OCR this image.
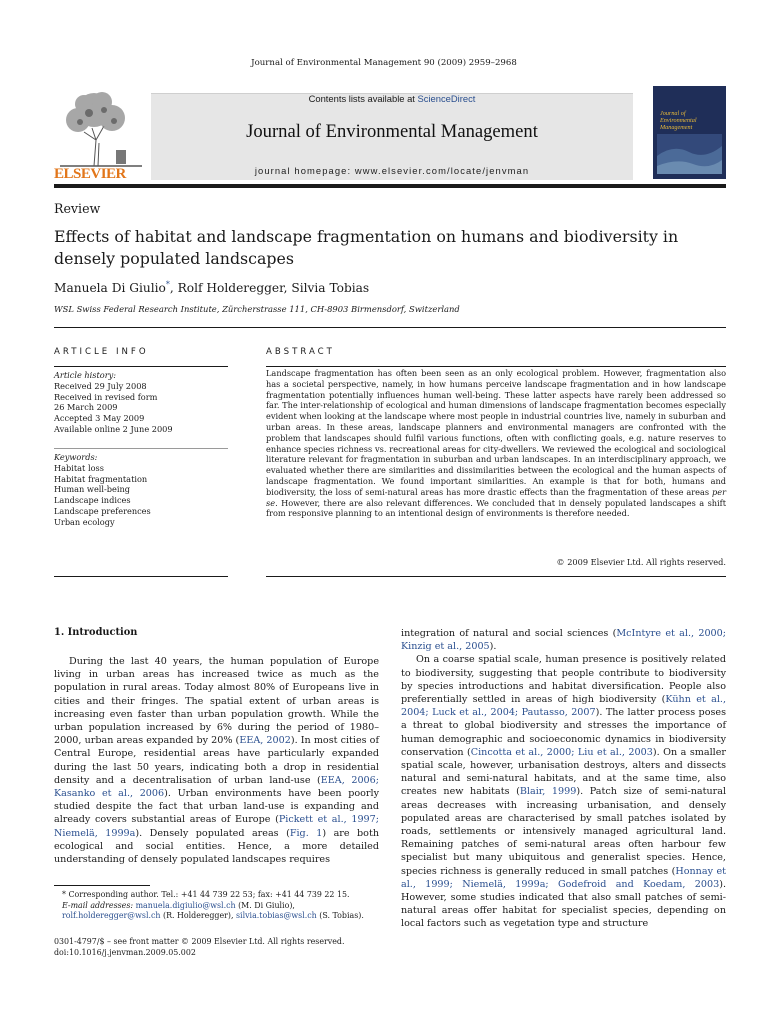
Journal of Environmental Management 90 (2009) 2959–2968
ELSEVIER
Contents lists available at ScienceDirect
Journal of Environmental Management
journal homepage: www.elsevier.com/locate/jenvman
Journal of Environmental Management
Review
Effects of habitat and landscape fragmentation on humans and biodiversity in densely populated landscapes
Manuela Di Giulio*, Rolf Holderegger, Silvia Tobias
WSL Swiss Federal Research Institute, Zürcherstrasse 111, CH-8903 Birmensdorf, Switzerland
ARTICLE INFO
Article history:
Received 29 July 2008
Received in revised form
26 March 2009
Accepted 3 May 2009
Available online 2 June 2009
Keywords:
Habitat loss
Habitat fragmentation
Human well-being
Landscape indices
Landscape preferences
Urban ecology
ABSTRACT
Landscape fragmentation has often been seen as an only ecological problem. However, fragmentation also has a societal perspective, namely, in how humans perceive landscape fragmentation and in how landscape fragmentation potentially influences human well-being. These latter aspects have rarely been addressed so far. The inter-relationship of ecological and human dimensions of landscape fragmentation becomes especially evident when looking at the landscape where most people in industrial countries live, namely in suburban and urban areas. In these areas, landscape planners and environmental managers are confronted with the problem that landscapes should fulfil various functions, often with conflicting goals, e.g. nature reserves to enhance species richness vs. recreational areas for city-dwellers. We reviewed the ecological and sociological literature relevant for fragmentation in suburban and urban landscapes. In an interdisciplinary approach, we evaluated whether there are similarities and dissimilarities between the ecological and the human aspects of landscape fragmentation. We found important similarities. An example is that for both, humans and biodiversity, the loss of semi-natural areas has more drastic effects than the fragmentation of these areas per se. However, there are also relevant differences. We concluded that in densely populated landscapes a shift from responsive planning to an intentional design of environments is therefore needed.
© 2009 Elsevier Ltd. All rights reserved.
1. Introduction

During the last 40 years, the human population of Europe living in urban areas has increased twice as much as the population in rural areas. Today almost 80% of Europeans live in cities and their fringes. The spatial extent of urban areas is increasing even faster than urban population growth. While the urban population increased by 6% during the period of 1980–2000, urban areas expanded by 20% (EEA, 2002). In most cities of Central Europe, residential areas have particularly expanded during the last 50 years, indicating both a drop in residential density and a decentralisation of urban land-use (EEA, 2006; Kasanko et al., 2006). Urban environments have been poorly studied despite the fact that urban land-use is expanding and already covers substantial areas of Europe (Pickett et al., 1997; Niemelä, 1999a). Densely populated areas (Fig. 1) are both ecological and social entities. Hence, a more detailed understanding of densely populated landscapes requires

integration of natural and social sciences (McIntyre et al., 2000; Kinzig et al., 2005).

On a coarse spatial scale, human presence is positively related to biodiversity, suggesting that people contribute to biodiversity by species introductions and habitat diversification. People also preferentially settled in areas of high biodiversity (Kühn et al., 2004; Luck et al., 2004; Pautasso, 2007). The latter process poses a threat to global biodiversity and stresses the importance of human demographic and socioeconomic dynamics in biodiversity conservation (Cincotta et al., 2000; Liu et al., 2003). On a smaller spatial scale, however, urbanisation destroys, alters and dissects natural and semi-natural habitats, and at the same time, also creates new habitats (Blair, 1999). Patch size of semi-natural areas decreases with increasing urbanisation, and densely populated areas are characterised by small patches isolated by roads, settlements or intensively managed agricultural land. Remaining patches of semi-natural areas often harbour few specialist but many ubiquitous and generalist species. Hence, species richness is generally reduced in small patches (Honnay et al., 1999; Niemelä, 1999a; Godefroid and Koedam, 2003). However, some studies indicated that also small patches of semi-natural areas offer habitat for specialist species, depending on local factors such as vegetation type and structure

* Corresponding author. Tel.: +41 44 739 22 53; fax: +41 44 739 22 15.
E-mail addresses: manuela.digiulio@wsl.ch (M. Di Giulio), rolf.holderegger@wsl.ch (R. Holderegger), silvia.tobias@wsl.ch (S. Tobias).
0301-4797/$ – see front matter © 2009 Elsevier Ltd. All rights reserved.
doi:10.1016/j.jenvman.2009.05.002
